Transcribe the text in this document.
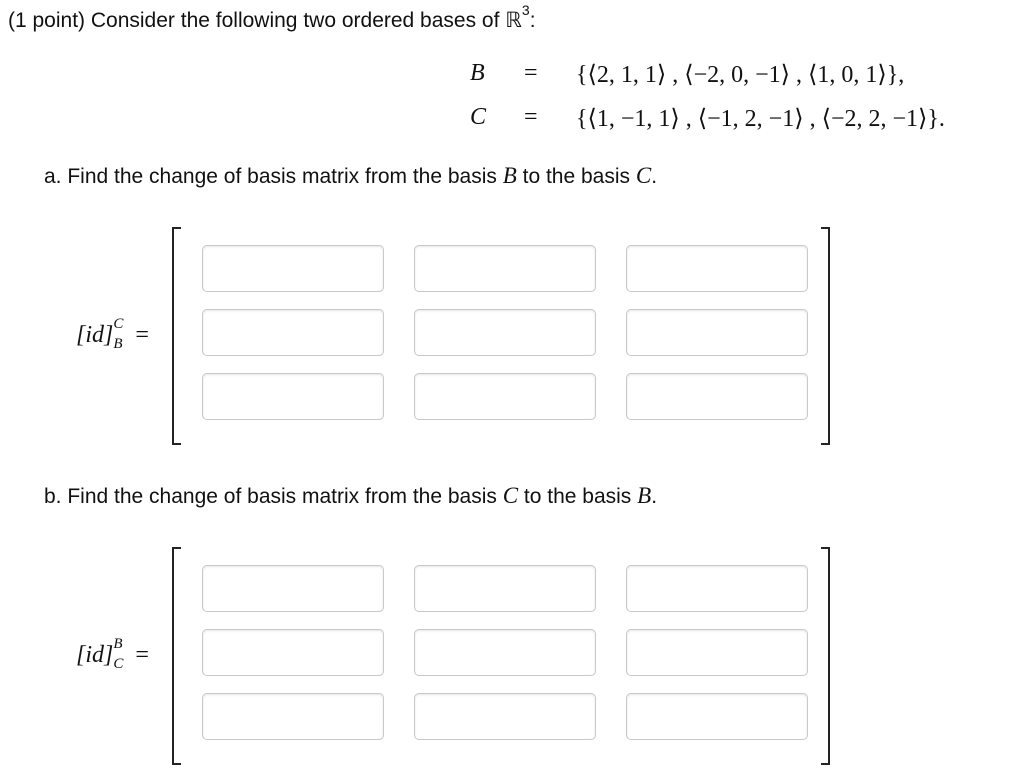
(1 point) Consider the following two ordered bases of ℝ$^3$:
B = {⟨2, 1, 1⟩ , ⟨−2, 0, −1⟩ , ⟨1, 0, 1⟩},
C = {⟨1, −1, 1⟩ , ⟨−1, 2, −1⟩ , ⟨−2, 2, −1⟩}.
a. Find the change of basis matrix from the basis B to the basis C.
[id] C
B =
b. Find the change of basis matrix from the basis C to the basis B.
[id] B
C =
